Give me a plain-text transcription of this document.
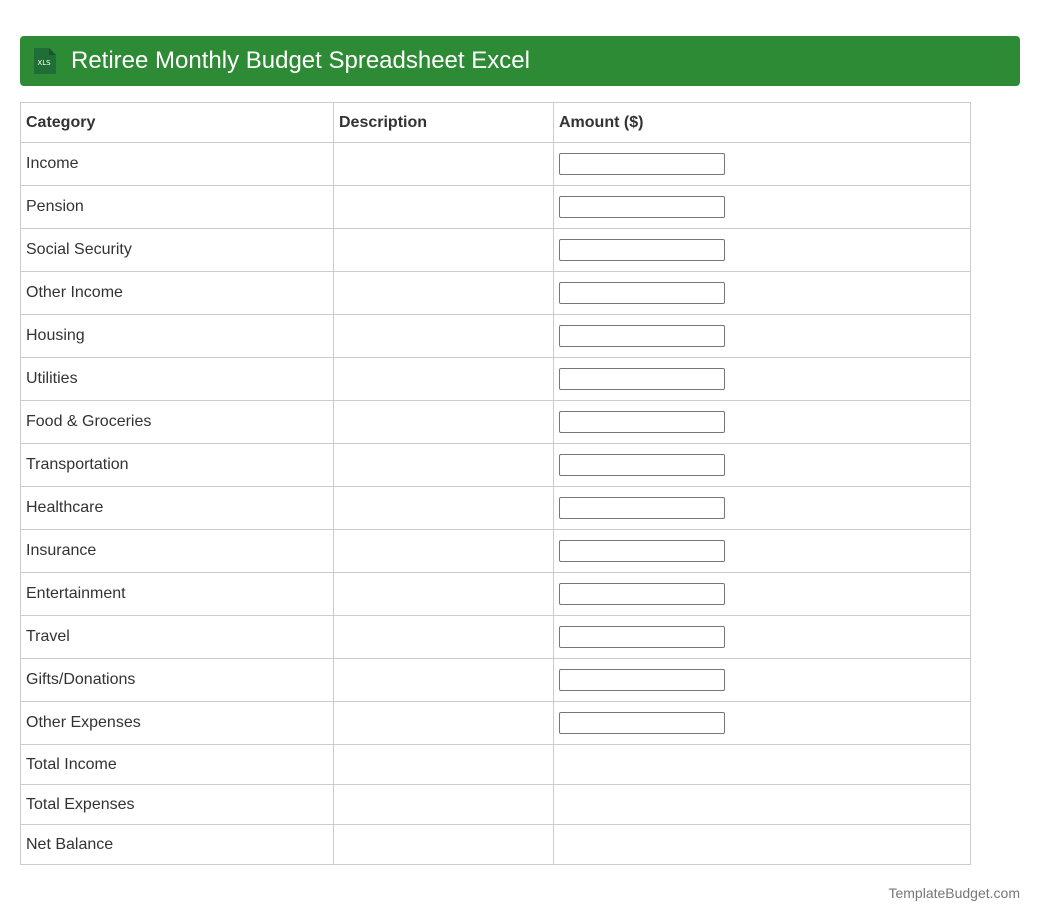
XLS Retiree Monthly Budget Spreadsheet Excel
Category	Description	Amount ($)
Income		

Pension		

Social Security		

Other Income		

Housing		

Utilities		

Food & Groceries		

Transportation		

Healthcare		

Insurance		

Entertainment		

Travel		

Gifts/Donations		

Other Expenses		

Total Income		
Total Expenses		
Net Balance		
TemplateBudget.com
